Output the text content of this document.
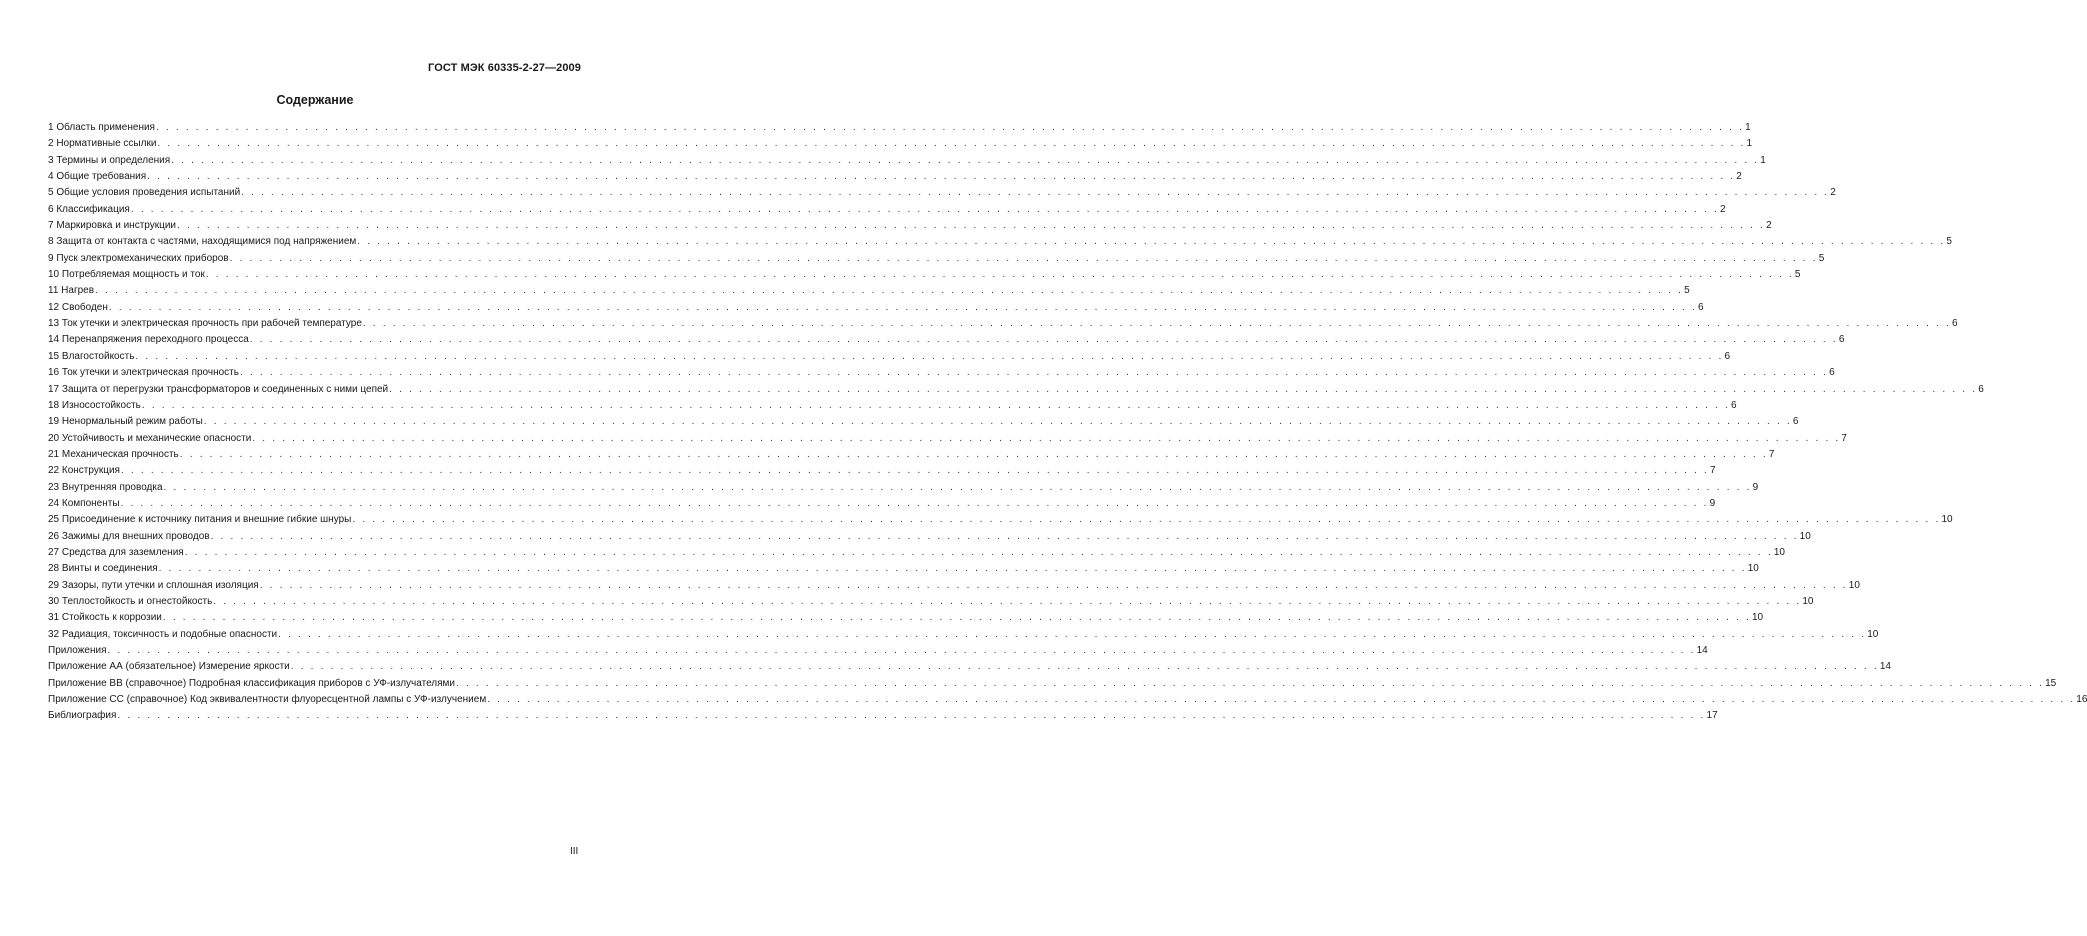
ГОСТ МЭК 60335-2-27—2009
Содержание
1 Область применения . . . . . . . . . . . . . . . . . . . . . . . . . . . . . . . . . . . . . . . . . . . . . . . . . . . . . . . . . . . . . . . . . . . . . . . . . . . . . . . . . . . . . . . . . . . . . . . . . . . . . . . . . . . . . . . . . . . . . . . . . . . . . . . . . . . . . . . . . . . . . . . . . . . . . . . . . . . . . . . . 1
2 Нормативные ссылки . . . . . . . . . . . . . . . . . . . . . . . . . . . . . . . . . . . . . . . . . . . . . . . . . . . . . . . . . . . . . . . . . . . . . . . . . . . . . . . . . . . . . . . . . . . . . . . . . . . . . . . . . . . . . . . . . . . . . . . . . . . . . . . . . . . . . . . . . . . . . . . . . . . . . . . . . . . . . . . . 1
3 Термины и определения . . . . . . . . . . . . . . . . . . . . . . . . . . . . . . . . . . . . . . . . . . . . . . . . . . . . . . . . . . . . . . . . . . . . . . . . . . . . . . . . . . . . . . . . . . . . . . . . . . . . . . . . . . . . . . . . . . . . . . . . . . . . . . . . . . . . . . . . . . . . . . . . . . . . . . . . . . . . . . . . 1
4 Общие требования . . . . . . . . . . . . . . . . . . . . . . . . . . . . . . . . . . . . . . . . . . . . . . . . . . . . . . . . . . . . . . . . . . . . . . . . . . . . . . . . . . . . . . . . . . . . . . . . . . . . . . . . . . . . . . . . . . . . . . . . . . . . . . . . . . . . . . . . . . . . . . . . . . . . . . . . . . . . . . . . 2
5 Общие условия проведения испытаний . . . . . . . . . . . . . . . . . . . . . . . . . . . . . . . . . . . . . . . . . . . . . . . . . . . . . . . . . . . . . . . . . . . . . . . . . . . . . . . . . . . . . . . . . . . . . . . . . . . . . . . . . . . . . . . . . . . . . . . . . . . . . . . . . . . . . . . . . . . . . . . . . . . . . . . . . . . . . . . . 2
6 Классификация . . . . . . . . . . . . . . . . . . . . . . . . . . . . . . . . . . . . . . . . . . . . . . . . . . . . . . . . . . . . . . . . . . . . . . . . . . . . . . . . . . . . . . . . . . . . . . . . . . . . . . . . . . . . . . . . . . . . . . . . . . . . . . . . . . . . . . . . . . . . . . . . . . . . . . . . . . . . . . . . 2
7 Маркировка и инструкции . . . . . . . . . . . . . . . . . . . . . . . . . . . . . . . . . . . . . . . . . . . . . . . . . . . . . . . . . . . . . . . . . . . . . . . . . . . . . . . . . . . . . . . . . . . . . . . . . . . . . . . . . . . . . . . . . . . . . . . . . . . . . . . . . . . . . . . . . . . . . . . . . . . . . . . . . . . . . . . . 2
8 Защита от контакта с частями, находящимися под напряжением . . . . . . . . . . . . . . . . . . . . . . . . . . . . . . . . . . . . . . . . . . . . . . . . . . . . . . . . . . . . . . . . . . . . . . . . . . . . . . . . . . . . . . . . . . . . . . . . . . . . . . . . . . . . . . . . . . . . . . . . . . . . . . . . . . . . . . . . . . . . . . . . . . . . . . . . . . . . . . . . 5
9 Пуск электромеханических приборов . . . . . . . . . . . . . . . . . . . . . . . . . . . . . . . . . . . . . . . . . . . . . . . . . . . . . . . . . . . . . . . . . . . . . . . . . . . . . . . . . . . . . . . . . . . . . . . . . . . . . . . . . . . . . . . . . . . . . . . . . . . . . . . . . . . . . . . . . . . . . . . . . . . . . . . . . . . . . . . . 5
10 Потребляемая мощность и ток . . . . . . . . . . . . . . . . . . . . . . . . . . . . . . . . . . . . . . . . . . . . . . . . . . . . . . . . . . . . . . . . . . . . . . . . . . . . . . . . . . . . . . . . . . . . . . . . . . . . . . . . . . . . . . . . . . . . . . . . . . . . . . . . . . . . . . . . . . . . . . . . . . . . . . . . . . . . . . . . 5
11 Нагрев . . . . . . . . . . . . . . . . . . . . . . . . . . . . . . . . . . . . . . . . . . . . . . . . . . . . . . . . . . . . . . . . . . . . . . . . . . . . . . . . . . . . . . . . . . . . . . . . . . . . . . . . . . . . . . . . . . . . . . . . . . . . . . . . . . . . . . . . . . . . . . . . . . . . . . . . . . . . . . . . 5
12 Свободен . . . . . . . . . . . . . . . . . . . . . . . . . . . . . . . . . . . . . . . . . . . . . . . . . . . . . . . . . . . . . . . . . . . . . . . . . . . . . . . . . . . . . . . . . . . . . . . . . . . . . . . . . . . . . . . . . . . . . . . . . . . . . . . . . . . . . . . . . . . . . . . . . . . . . . . . . . . . . . . . 6
13 Ток утечки и электрическая прочность при рабочей температуре . . . . . . . . . . . . . . . . . . . . . . . . . . . . . . . . . . . . . . . . . . . . . . . . . . . . . . . . . . . . . . . . . . . . . . . . . . . . . . . . . . . . . . . . . . . . . . . . . . . . . . . . . . . . . . . . . . . . . . . . . . . . . . . . . . . . . . . . . . . . . . . . . . . . . . . . . . . . . . . . 6
14 Перенапряжения переходного процесса . . . . . . . . . . . . . . . . . . . . . . . . . . . . . . . . . . . . . . . . . . . . . . . . . . . . . . . . . . . . . . . . . . . . . . . . . . . . . . . . . . . . . . . . . . . . . . . . . . . . . . . . . . . . . . . . . . . . . . . . . . . . . . . . . . . . . . . . . . . . . . . . . . . . . . . . . . . . . . . . 6
15 Влагостойкость . . . . . . . . . . . . . . . . . . . . . . . . . . . . . . . . . . . . . . . . . . . . . . . . . . . . . . . . . . . . . . . . . . . . . . . . . . . . . . . . . . . . . . . . . . . . . . . . . . . . . . . . . . . . . . . . . . . . . . . . . . . . . . . . . . . . . . . . . . . . . . . . . . . . . . . . . . . . . . . . 6
16 Ток утечки и электрическая прочность . . . . . . . . . . . . . . . . . . . . . . . . . . . . . . . . . . . . . . . . . . . . . . . . . . . . . . . . . . . . . . . . . . . . . . . . . . . . . . . . . . . . . . . . . . . . . . . . . . . . . . . . . . . . . . . . . . . . . . . . . . . . . . . . . . . . . . . . . . . . . . . . . . . . . . . . . . . . . . . . 6
17 Защита от перегрузки трансформаторов и соединенных с ними цепей . . . . . . . . . . . . . . . . . . . . . . . . . . . . . . . . . . . . . . . . . . . . . . . . . . . . . . . . . . . . . . . . . . . . . . . . . . . . . . . . . . . . . . . . . . . . . . . . . . . . . . . . . . . . . . . . . . . . . . . . . . . . . . . . . . . . . . . . . . . . . . . . . . . . . . . . . . . . . . . . 6
18 Износостойкость . . . . . . . . . . . . . . . . . . . . . . . . . . . . . . . . . . . . . . . . . . . . . . . . . . . . . . . . . . . . . . . . . . . . . . . . . . . . . . . . . . . . . . . . . . . . . . . . . . . . . . . . . . . . . . . . . . . . . . . . . . . . . . . . . . . . . . . . . . . . . . . . . . . . . . . . . . . . . . . . 6
19 Ненормальный режим работы . . . . . . . . . . . . . . . . . . . . . . . . . . . . . . . . . . . . . . . . . . . . . . . . . . . . . . . . . . . . . . . . . . . . . . . . . . . . . . . . . . . . . . . . . . . . . . . . . . . . . . . . . . . . . . . . . . . . . . . . . . . . . . . . . . . . . . . . . . . . . . . . . . . . . . . . . . . . . . . . 6
20 Устойчивость и механические опасности . . . . . . . . . . . . . . . . . . . . . . . . . . . . . . . . . . . . . . . . . . . . . . . . . . . . . . . . . . . . . . . . . . . . . . . . . . . . . . . . . . . . . . . . . . . . . . . . . . . . . . . . . . . . . . . . . . . . . . . . . . . . . . . . . . . . . . . . . . . . . . . . . . . . . . . . . . . . . . . . 7
21 Механическая прочность . . . . . . . . . . . . . . . . . . . . . . . . . . . . . . . . . . . . . . . . . . . . . . . . . . . . . . . . . . . . . . . . . . . . . . . . . . . . . . . . . . . . . . . . . . . . . . . . . . . . . . . . . . . . . . . . . . . . . . . . . . . . . . . . . . . . . . . . . . . . . . . . . . . . . . . . . . . . . . . . 7
22 Конструкция . . . . . . . . . . . . . . . . . . . . . . . . . . . . . . . . . . . . . . . . . . . . . . . . . . . . . . . . . . . . . . . . . . . . . . . . . . . . . . . . . . . . . . . . . . . . . . . . . . . . . . . . . . . . . . . . . . . . . . . . . . . . . . . . . . . . . . . . . . . . . . . . . . . . . . . . . . . . . . . . 7
23 Внутренняя проводка . . . . . . . . . . . . . . . . . . . . . . . . . . . . . . . . . . . . . . . . . . . . . . . . . . . . . . . . . . . . . . . . . . . . . . . . . . . . . . . . . . . . . . . . . . . . . . . . . . . . . . . . . . . . . . . . . . . . . . . . . . . . . . . . . . . . . . . . . . . . . . . . . . . . . . . . . . . . . . . . 9
24 Компоненты . . . . . . . . . . . . . . . . . . . . . . . . . . . . . . . . . . . . . . . . . . . . . . . . . . . . . . . . . . . . . . . . . . . . . . . . . . . . . . . . . . . . . . . . . . . . . . . . . . . . . . . . . . . . . . . . . . . . . . . . . . . . . . . . . . . . . . . . . . . . . . . . . . . . . . . . . . . . . . . . 9
25 Присоединение к источнику питания и внешние гибкие шнуры . . . . . . . . . . . . . . . . . . . . . . . . . . . . . . . . . . . . . . . . . . . . . . . . . . . . . . . . . . . . . . . . . . . . . . . . . . . . . . . . . . . . . . . . . . . . . . . . . . . . . . . . . . . . . . . . . . . . . . . . . . . . . . . . . . . . . . . . . . . . . . . . . . . . . . . . . . . . . . . . 10
26 Зажимы для внешних проводов . . . . . . . . . . . . . . . . . . . . . . . . . . . . . . . . . . . . . . . . . . . . . . . . . . . . . . . . . . . . . . . . . . . . . . . . . . . . . . . . . . . . . . . . . . . . . . . . . . . . . . . . . . . . . . . . . . . . . . . . . . . . . . . . . . . . . . . . . . . . . . . . . . . . . . . . . . . . . . . . 10
27 Средства для заземления . . . . . . . . . . . . . . . . . . . . . . . . . . . . . . . . . . . . . . . . . . . . . . . . . . . . . . . . . . . . . . . . . . . . . . . . . . . . . . . . . . . . . . . . . . . . . . . . . . . . . . . . . . . . . . . . . . . . . . . . . . . . . . . . . . . . . . . . . . . . . . . . . . . . . . . . . . . . . . . . 10
28 Винты и соединения . . . . . . . . . . . . . . . . . . . . . . . . . . . . . . . . . . . . . . . . . . . . . . . . . . . . . . . . . . . . . . . . . . . . . . . . . . . . . . . . . . . . . . . . . . . . . . . . . . . . . . . . . . . . . . . . . . . . . . . . . . . . . . . . . . . . . . . . . . . . . . . . . . . . . . . . . . . . . . . . 10
29 Зазоры, пути утечки и сплошная изоляция . . . . . . . . . . . . . . . . . . . . . . . . . . . . . . . . . . . . . . . . . . . . . . . . . . . . . . . . . . . . . . . . . . . . . . . . . . . . . . . . . . . . . . . . . . . . . . . . . . . . . . . . . . . . . . . . . . . . . . . . . . . . . . . . . . . . . . . . . . . . . . . . . . . . . . . . . . . . . . . . 10
30 Теплостойкость и огнестойкость . . . . . . . . . . . . . . . . . . . . . . . . . . . . . . . . . . . . . . . . . . . . . . . . . . . . . . . . . . . . . . . . . . . . . . . . . . . . . . . . . . . . . . . . . . . . . . . . . . . . . . . . . . . . . . . . . . . . . . . . . . . . . . . . . . . . . . . . . . . . . . . . . . . . . . . . . . . . . . . . 10
31 Стойкость к коррозии . . . . . . . . . . . . . . . . . . . . . . . . . . . . . . . . . . . . . . . . . . . . . . . . . . . . . . . . . . . . . . . . . . . . . . . . . . . . . . . . . . . . . . . . . . . . . . . . . . . . . . . . . . . . . . . . . . . . . . . . . . . . . . . . . . . . . . . . . . . . . . . . . . . . . . . . . . . . . . . . 10
32 Радиация, токсичность и подобные опасности . . . . . . . . . . . . . . . . . . . . . . . . . . . . . . . . . . . . . . . . . . . . . . . . . . . . . . . . . . . . . . . . . . . . . . . . . . . . . . . . . . . . . . . . . . . . . . . . . . . . . . . . . . . . . . . . . . . . . . . . . . . . . . . . . . . . . . . . . . . . . . . . . . . . . . . . . . . . . . . . 10
Приложения . . . . . . . . . . . . . . . . . . . . . . . . . . . . . . . . . . . . . . . . . . . . . . . . . . . . . . . . . . . . . . . . . . . . . . . . . . . . . . . . . . . . . . . . . . . . . . . . . . . . . . . . . . . . . . . . . . . . . . . . . . . . . . . . . . . . . . . . . . . . . . . . . . . . . . . . . . . . . . . . 14
Приложение АА (обязательное) Измерение яркости . . . . . . . . . . . . . . . . . . . . . . . . . . . . . . . . . . . . . . . . . . . . . . . . . . . . . . . . . . . . . . . . . . . . . . . . . . . . . . . . . . . . . . . . . . . . . . . . . . . . . . . . . . . . . . . . . . . . . . . . . . . . . . . . . . . . . . . . . . . . . . . . . . . . . . . . . . . . . . . . 14
Приложение ВВ (справочное) Подробная классификация приборов с УФ-излучателями . . . . . . . . . . . . . . . . . . . . . . . . . . . . . . . . . . . . . . . . . . . . . . . . . . . . . . . . . . . . . . . . . . . . . . . . . . . . . . . . . . . . . . . . . . . . . . . . . . . . . . . . . . . . . . . . . . . . . . . . . . . . . . . . . . . . . . . . . . . . . . . . . . . . . . . . . . . . . . . . 15
Приложение СС (справочное) Код эквивалентности флуоресцентной лампы с УФ-излучением . . . . . . . . . . . . . . . . . . . . . . . . . . . . . . . . . . . . . . . . . . . . . . . . . . . . . . . . . . . . . . . . . . . . . . . . . . . . . . . . . . . . . . . . . . . . . . . . . . . . . . . . . . . . . . . . . . . . . . . . . . . . . . . . . . . . . . . . . . . . . . . . . . . . . . . . . . . . . . . . 16
Библиография . . . . . . . . . . . . . . . . . . . . . . . . . . . . . . . . . . . . . . . . . . . . . . . . . . . . . . . . . . . . . . . . . . . . . . . . . . . . . . . . . . . . . . . . . . . . . . . . . . . . . . . . . . . . . . . . . . . . . . . . . . . . . . . . . . . . . . . . . . . . . . . . . . . . . . . . . . . . . . . . 17
III
